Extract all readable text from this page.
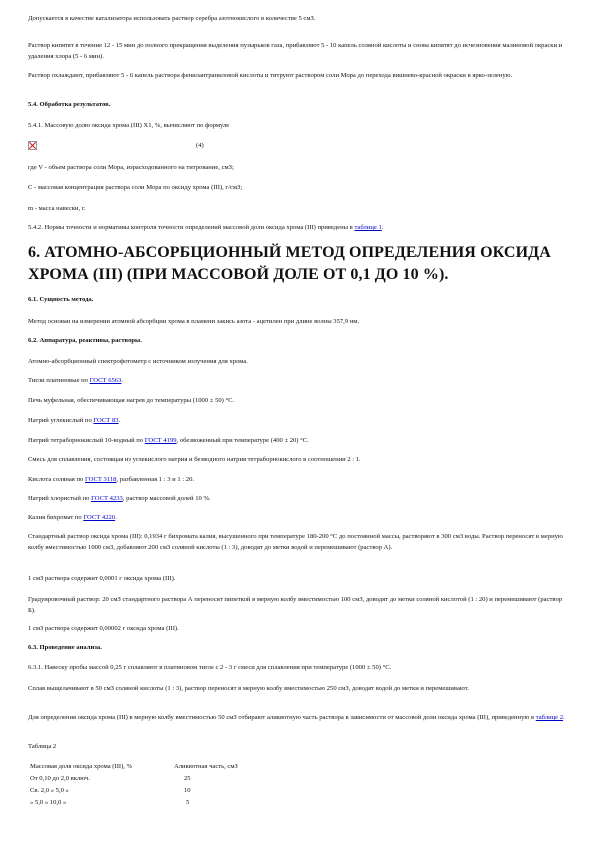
Допускается в качестве катализатора использовать раствор серебра азотнокислого в количестве 5 смЗ.

Раствор кипятят в течение 12 - 15 мин до полного прекращения выделения пузырьков газа, прибавляют 5 - 10 капель соляной кислоты и снова кипятят до исчезновения малиновой окраски и удаления хлора (5 - 6 мин).

Раствор охлаждают, прибавляют 5 - 6 капель раствора фенилантраниловой кислоты и титруют раствором соли Мора до перехода вишнево-красной окраски в ярко-зеленую.

5.4. Обработка результатов.

5.4.1. Массовую долю оксида хрома (III) Х1, %, вычисляют по формуле

(4)

где V - объем раствора соли Мора, израсходованного на титрование, смЗ;

С - массовая концентрация раствора соли Мора по оксиду хрома (III), г/смЗ;

m - масса навески, г.

5.4.2. Нормы точности и нормативы контроля точности определений массовой доли оксида хрома (III) приведены в таблице 1.

6. АТОМНО-АБСОРБЦИОННЫЙ МЕТОД ОПРЕДЕЛЕНИЯ ОКСИДА ХРОМА (III) (ПРИ МАССОВОЙ ДОЛЕ ОТ 0,1 ДО 10 %).

6.1. Сущность метода.

Метод основан на измерении атомной абсорбции хрома в пламени закись азота - ацетилен при длине волны 357,9 нм.

6.2. Аппаратура, реактивы, растворы.

Атомно-абсорбционный спектрофотометр с источником излучения для хрома.

Тигли платиновые по ГОСТ 6563.

Печь муфельная, обеспечивающая нагрев до температуры (1000 ± 50) °С.

Натрий углекислый по ГОСТ 83.

Натрий тетраборнокислый 10-водный по ГОСТ 4199, обезвоженный при температуре (400 ± 20) °С.

Смесь для сплавления, состоящая из углекислого натрия и безводного натрия тетраборнокислого в соотношении 2 : 1.

Кислота соляная по ГОСТ 3118, разбавленная 1 : 3 и 1 : 20.

Натрий хлористый по ГОСТ 4233, раствор массовой долей 10 %.

Калия бихромат по ГОСТ 4220.

Стандартный раствор оксида хрома (III): 0,1934 г бихромата калия, высушенного при температуре 180-200 °С до постоянной массы, растворяют в 300 смЗ воды. Раствор переносят в мерную колбу вместимостью 1000 смЗ, добавляют 200 смЗ соляной кислоты (1 : 3), доводят до метки водой и перемешивают (раствор А).

1 смЗ раствора содержит 0,0001 г оксида хрома (III).

Градуировочный раствор: 20 смЗ стандартного раствора А переносят пипеткой в мерную колбу вместимостью 100 смЗ, доводят до метки соляной кислотой (1 : 20) и перемешивают (раствор Б).

1 смЗ раствора содержит 0,00002 г оксида хрома (III).

6.3. Проведение анализа.

6.3.1. Навеску пробы массой 0,25 г сплавляют в платиновом тигле с 2 - 3 г смеси для сплавления при температуре (1000 ± 50) °С.

Сплав выщелачивают в 50 смЗ соляной кислоты (1 : 3), раствор переносят в мерную колбу вместимостью 250 смЗ, доводят водой до метки и перемешивают.

Для определения оксида хрома (III) в мерную колбу вместимостью 50 смЗ отбирают аликвотную часть раствора в зависимости от массовой доли оксида хрома (III), приведенную в таблице 2.

Таблица 2

Массовая доля оксида хрома (III), %	Аликвотная часть, смЗ
От 0,10 до 2,0 включ.	25
Св. 2,0 » 5,0 »	10
» 5,0 » 10,0 »	5
